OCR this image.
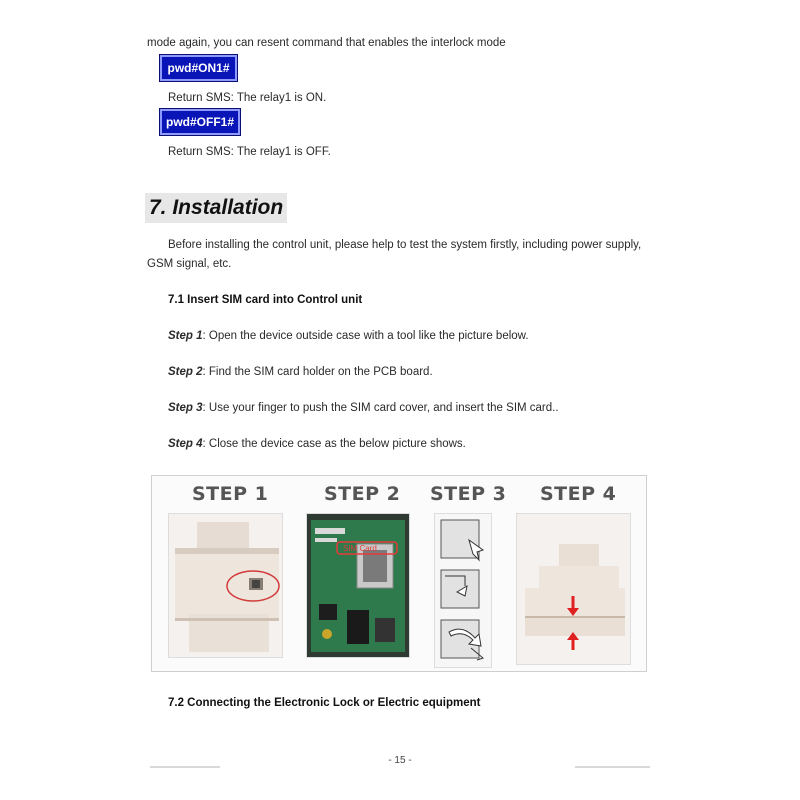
mode again, you can resent command that enables the interlock mode
pwd#ON1#
Return SMS: The relay1 is ON.
pwd#OFF1#
Return SMS: The relay1 is OFF.
7. Installation
Before installing the control unit, please help to test the system firstly, including power supply,
GSM signal, etc.
7.1 Insert SIM card into Control unit
Step 1: Open the device outside case with a tool like the picture below.
Step 2: Find the SIM card holder on the PCB board.
Step 3: Use your finger to push the SIM card cover, and insert the SIM card..
Step 4: Close the device case as the below picture shows.
STEP 1	STEP 2 STEP 3 STEP 4
SIM Card
7.2 Connecting the Electronic Lock or Electric equipment
- 15 -
